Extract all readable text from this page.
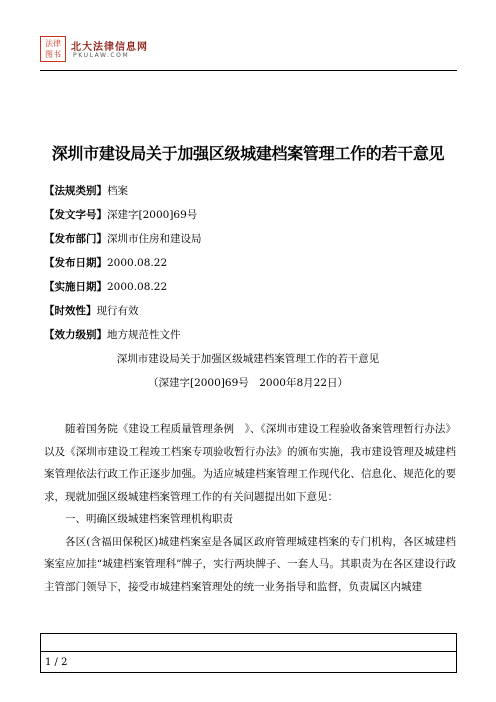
法律
图书
北大法律信息网
PKULAW.COM
深圳市建设局关于加强区级城建档案管理工作的若干意见
【法规类别】档案
【发文字号】深建字[2000]69号
【发布部门】深圳市住房和建设局
【发布日期】2000.08.22
【实施日期】2000.08.22
【时效性】现行有效
【效力级别】地方规范性文件
深圳市建设局关于加强区级城建档案管理工作的若干意见
（深建字[2000]69号　2000年8月22日）

随着国务院《建设工程质量管理条例　》、《深圳市建设工程验收备案管理暂行办法》以及《深圳市建设工程竣工档案专项验收暂行办法》的颁布实施，我市建设管理及城建档案管理依法行政工作正逐步加强。为适应城建档案管理工作现代化、信息化、规范化的要求，现就加强区级城建档案管理工作的有关问题提出如下意见：

一、明确区级城建档案管理机构职责

各区(含福田保税区)城建档案室是各属区政府管理城建档案的专门机构，各区城建档案室应加挂“城建档案管理科”牌子，实行两块牌子、一套人马。其职责为在各区建设行政主管部门领导下，接受市城建档案管理处的统一业务指导和监督，负责属区内城建

1 / 2
